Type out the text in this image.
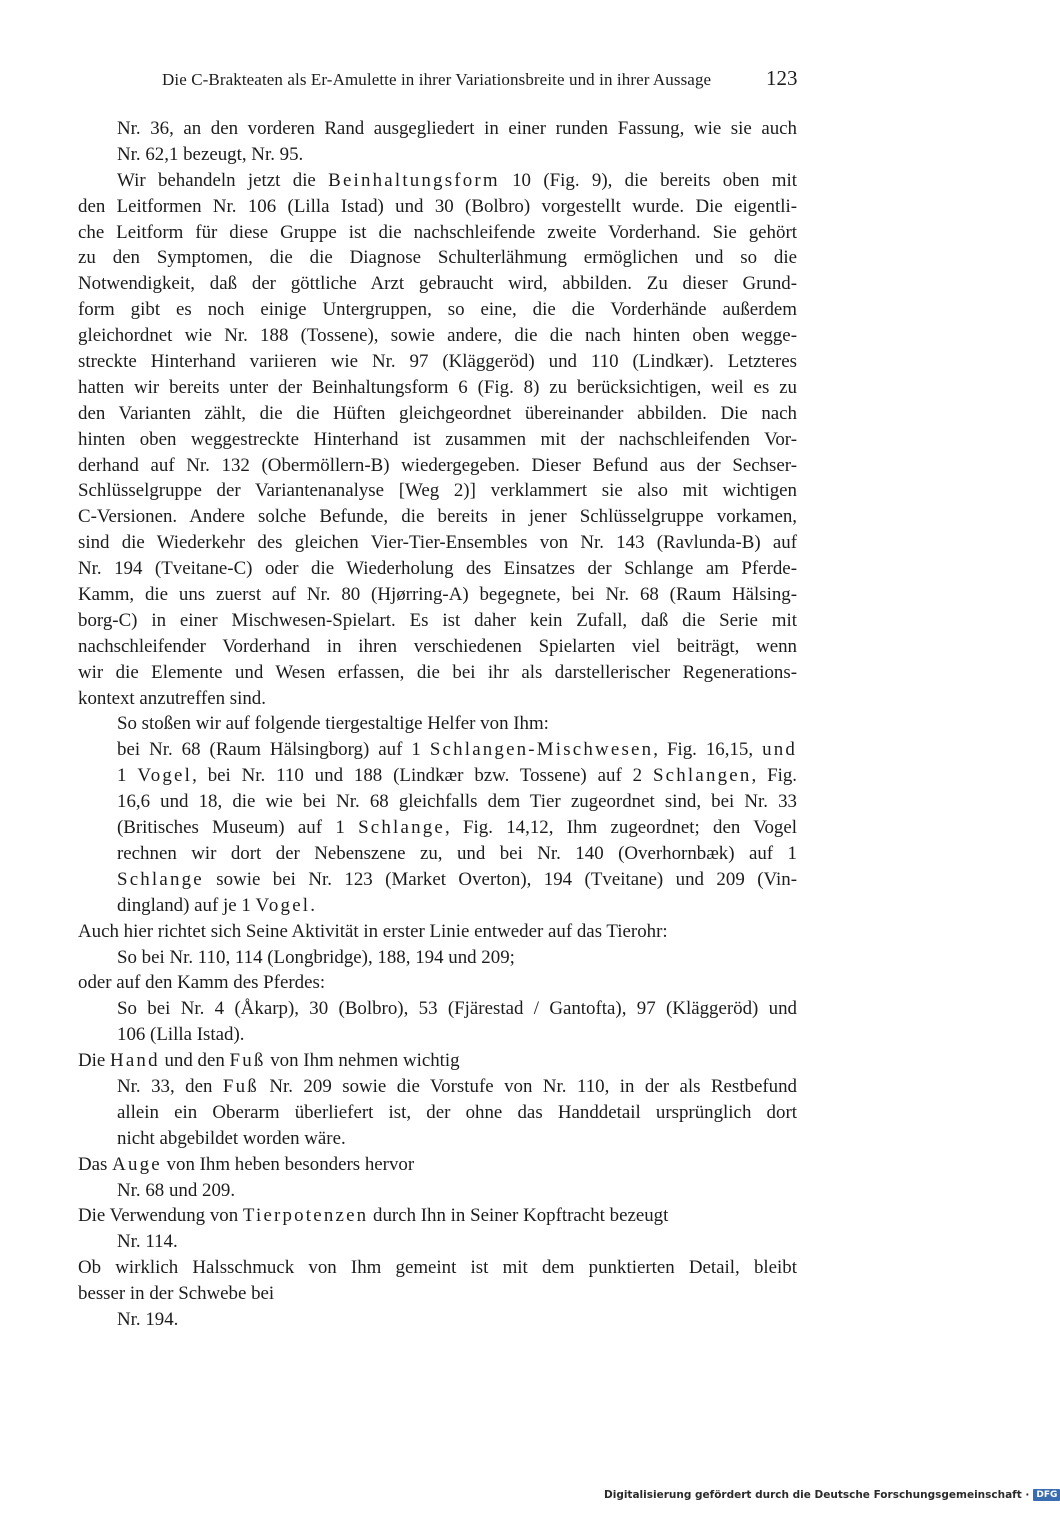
Die C-Brakteaten als Er-Amulette in ihrer Variationsbreite und in ihrer Aussage	123
Nr. 36, an den vorderen Rand ausgegliedert in einer runden Fassung, wie sie auch
Nr. 62,1 bezeugt, Nr. 95.
Wir behandeln jetzt die Beinhaltungsform 10 (Fig. 9), die bereits oben mit
den Leitformen Nr. 106 (Lilla Istad) und 30 (Bolbro) vorgestellt wurde. Die eigentli-
che Leitform für diese Gruppe ist die nachschleifende zweite Vorderhand. Sie gehört
zu den Symptomen, die die Diagnose Schulterlähmung ermöglichen und so die
Notwendigkeit, daß der göttliche Arzt gebraucht wird, abbilden. Zu dieser Grund-
form gibt es noch einige Untergruppen, so eine, die die Vorderhände außerdem
gleichordnet wie Nr. 188 (Tossene), sowie andere, die die nach hinten oben wegge-
streckte Hinterhand variieren wie Nr. 97 (Kläggeröd) und 110 (Lindkær). Letzteres
hatten wir bereits unter der Beinhaltungsform 6 (Fig. 8) zu berücksichtigen, weil es zu
den Varianten zählt, die die Hüften gleichgeordnet übereinander abbilden. Die nach
hinten oben weggestreckte Hinterhand ist zusammen mit der nachschleifenden Vor-
derhand auf Nr. 132 (Obermöllern-B) wiedergegeben. Dieser Befund aus der Sechser-
Schlüsselgruppe der Variantenanalyse [Weg 2)] verklammert sie also mit wichtigen
C-Versionen. Andere solche Befunde, die bereits in jener Schlüsselgruppe vorkamen,
sind die Wiederkehr des gleichen Vier-Tier-Ensembles von Nr. 143 (Ravlunda-B) auf
Nr. 194 (Tveitane-C) oder die Wiederholung des Einsatzes der Schlange am Pferde-
Kamm, die uns zuerst auf Nr. 80 (Hjørring-A) begegnete, bei Nr. 68 (Raum Hälsing-
borg-C) in einer Mischwesen-Spielart. Es ist daher kein Zufall, daß die Serie mit
nachschleifender Vorderhand in ihren verschiedenen Spielarten viel beiträgt, wenn
wir die Elemente und Wesen erfassen, die bei ihr als darstellerischer Regenerations-
kontext anzutreffen sind.
So stoßen wir auf folgende tiergestaltige Helfer von Ihm:
bei Nr. 68 (Raum Hälsingborg) auf 1 Schlangen-Mischwesen, Fig. 16,15, und
1 Vogel, bei Nr. 110 und 188 (Lindkær bzw. Tossene) auf 2 Schlangen, Fig.
16,6 und 18, die wie bei Nr. 68 gleichfalls dem Tier zugeordnet sind, bei Nr. 33
(Britisches Museum) auf 1 Schlange, Fig. 14,12, Ihm zugeordnet; den Vogel
rechnen wir dort der Nebenszene zu, und bei Nr. 140 (Overhornbæk) auf 1
Schlange sowie bei Nr. 123 (Market Overton), 194 (Tveitane) und 209 (Vin-
dingland) auf je 1 Vogel.
Auch hier richtet sich Seine Aktivität in erster Linie entweder auf das Tierohr:
So bei Nr. 110, 114 (Longbridge), 188, 194 und 209;
oder auf den Kamm des Pferdes:
So bei Nr. 4 (Åkarp), 30 (Bolbro), 53 (Fjärestad / Gantofta), 97 (Kläggeröd) und
106 (Lilla Istad).
Die Hand und den Fuß von Ihm nehmen wichtig
Nr. 33, den Fuß Nr. 209 sowie die Vorstufe von Nr. 110, in der als Restbefund
allein ein Oberarm überliefert ist, der ohne das Handdetail ursprünglich dort
nicht abgebildet worden wäre.
Das Auge von Ihm heben besonders hervor
Nr. 68 und 209.
Die Verwendung von Tierpotenzen durch Ihn in Seiner Kopftracht bezeugt
Nr. 114.
Ob wirklich Halsschmuck von Ihm gemeint ist mit dem punktierten Detail, bleibt
besser in der Schwebe bei
Nr. 194.
Digitalisierung gefördert durch die Deutsche Forschungsgemeinschaft · DFG
